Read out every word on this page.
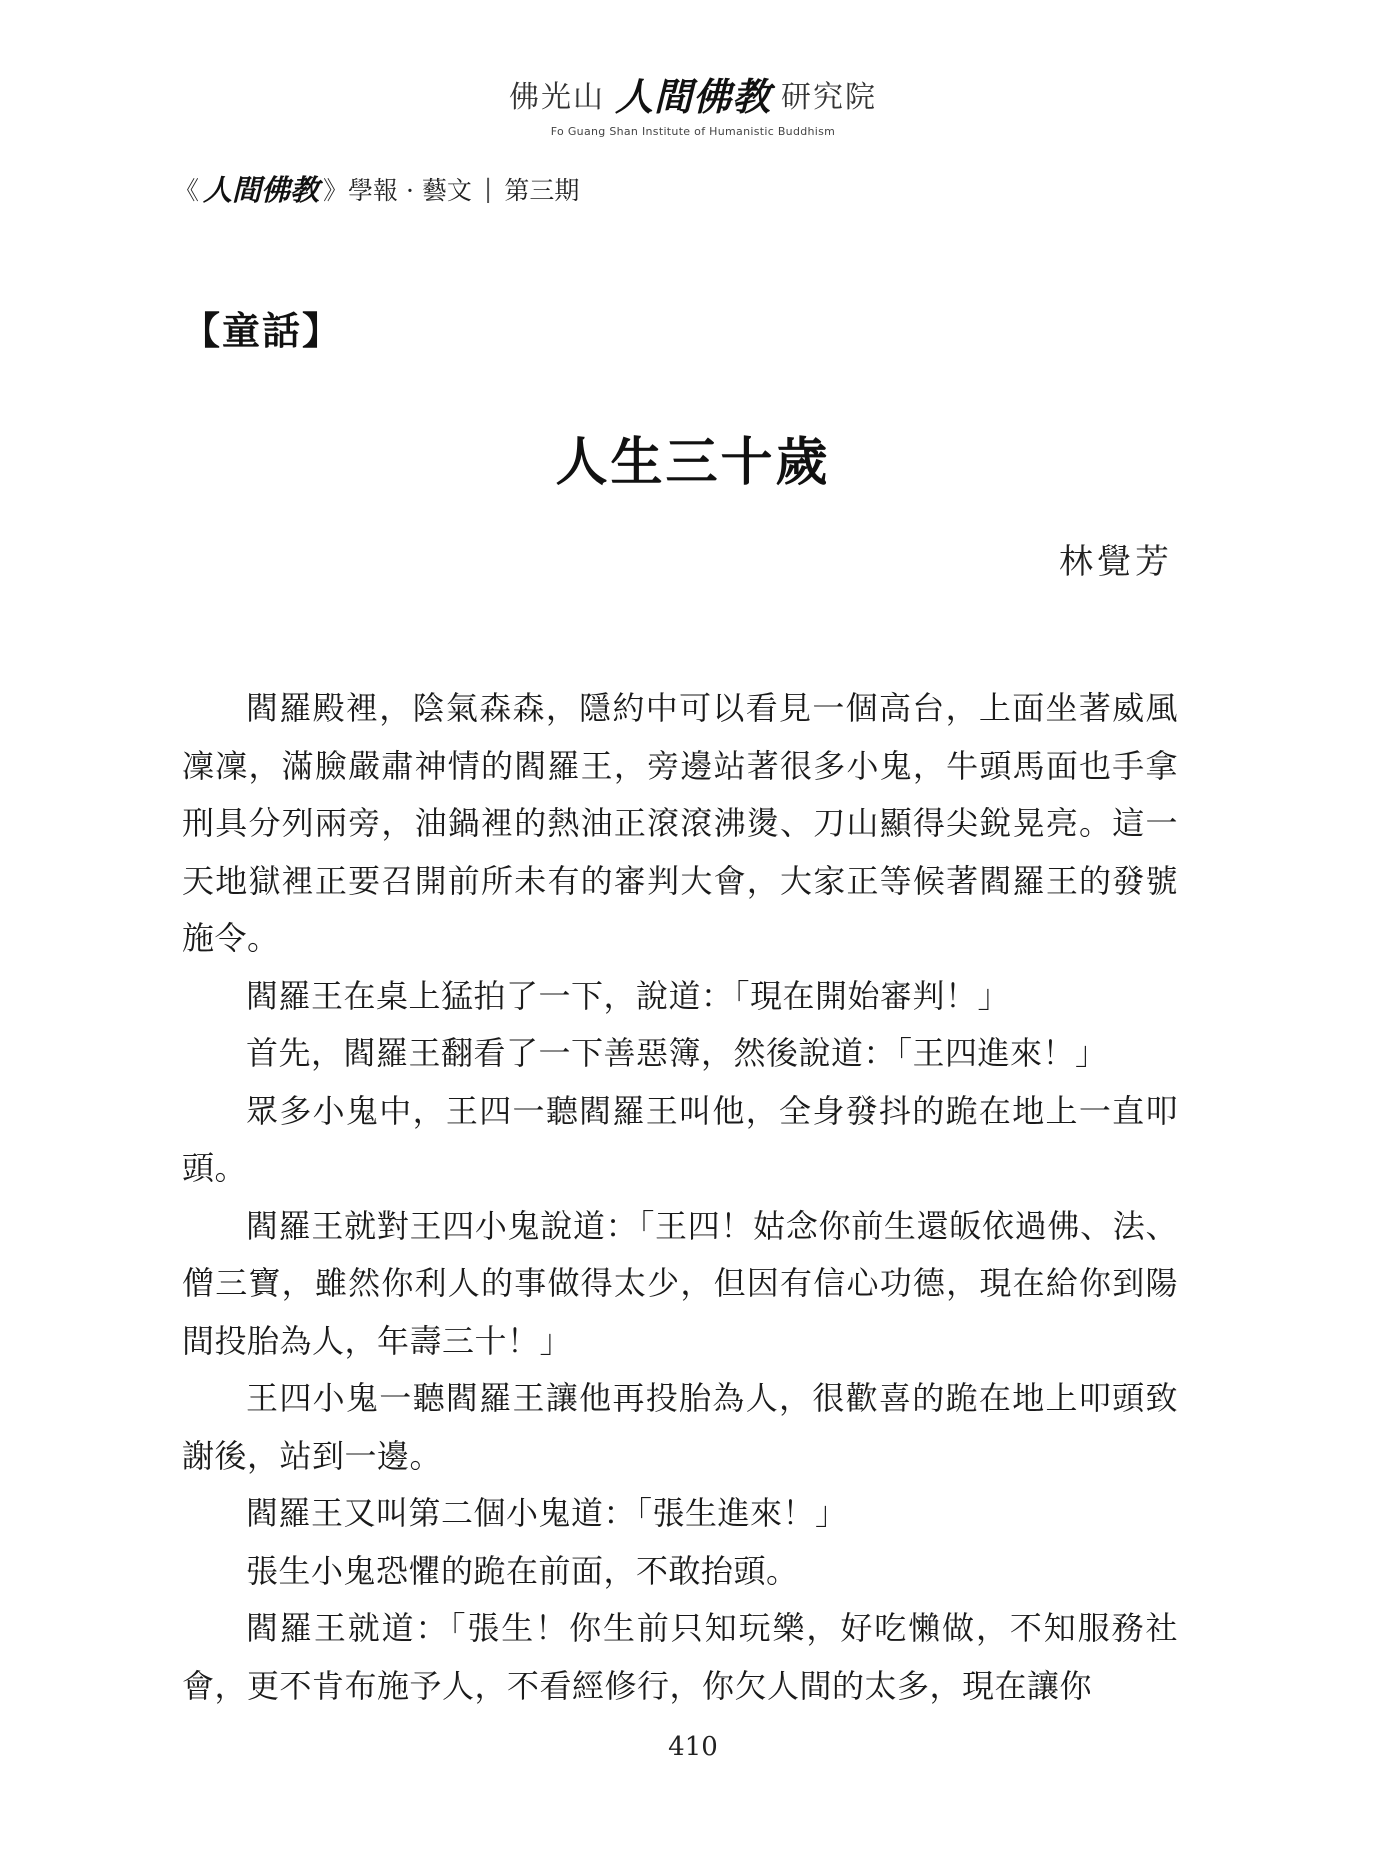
佛光山 人間佛教 研究院
Fo Guang Shan Institute of Humanistic Buddhism
《 人間佛教 》學報 · 藝文 | 第三期
【童話】
人生三十歲
林覺芳

閻羅殿裡，陰氣森森，隱約中可以看見一個高台，上面坐著威風凜凜，滿臉嚴肅神情的閻羅王，旁邊站著很多小鬼，牛頭馬面也手拿刑具分列兩旁，油鍋裡的熱油正滾滾沸燙、刀山顯得尖銳晃亮。這一天地獄裡正要召開前所未有的審判大會，大家正等候著閻羅王的發號施令。

閻羅王在桌上猛拍了一下，說道：「現在開始審判！」

首先，閻羅王翻看了一下善惡簿，然後說道：「王四進來！」

眾多小鬼中，王四一聽閻羅王叫他，全身發抖的跪在地上一直叩頭。

閻羅王就對王四小鬼說道：「王四！姑念你前生還皈依過佛、法、僧三寶，雖然你利人的事做得太少，但因有信心功德，現在給你到陽間投胎為人，年壽三十！」

王四小鬼一聽閻羅王讓他再投胎為人，很歡喜的跪在地上叩頭致謝後，站到一邊。

閻羅王又叫第二個小鬼道：「張生進來！」

張生小鬼恐懼的跪在前面，不敢抬頭。

閻羅王就道：「張生！你生前只知玩樂，好吃懶做，不知服務社會，更不肯布施予人，不看經修行，你欠人間的太多，現在讓你

410
